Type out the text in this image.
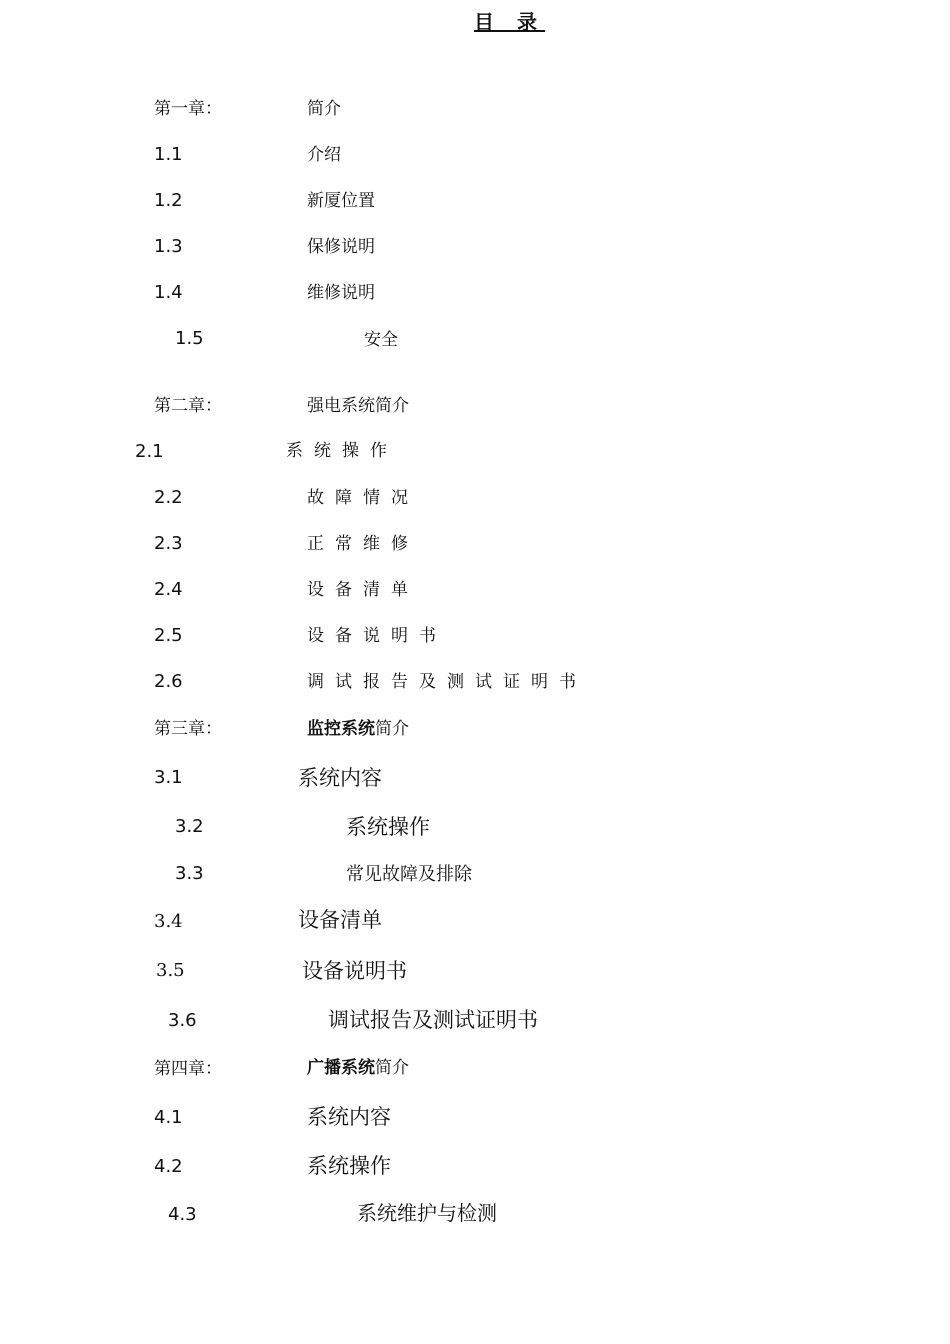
目 录
第一章：	简介
1.1	介绍
1.2	新厦位置
1.3	保修说明
1.4	维修说明
1.5	安全
第二章：	强电系统简介
2.1	系统操作
2.2	故障情况
2.3	正常维修
2.4	设备清单
2.5	设备说明书
2.6	调试报告及测试证明书
第三章：	监控系统简介
3.1	系统内容
3.2	系统操作
3.3	常见故障及排除
3.4	设备清单
3.5	设备说明书
3.6	调试报告及测试证明书
第四章：	广播系统简介
4.1	系统内容
4.2	系统操作
4.3	系统维护与检测
